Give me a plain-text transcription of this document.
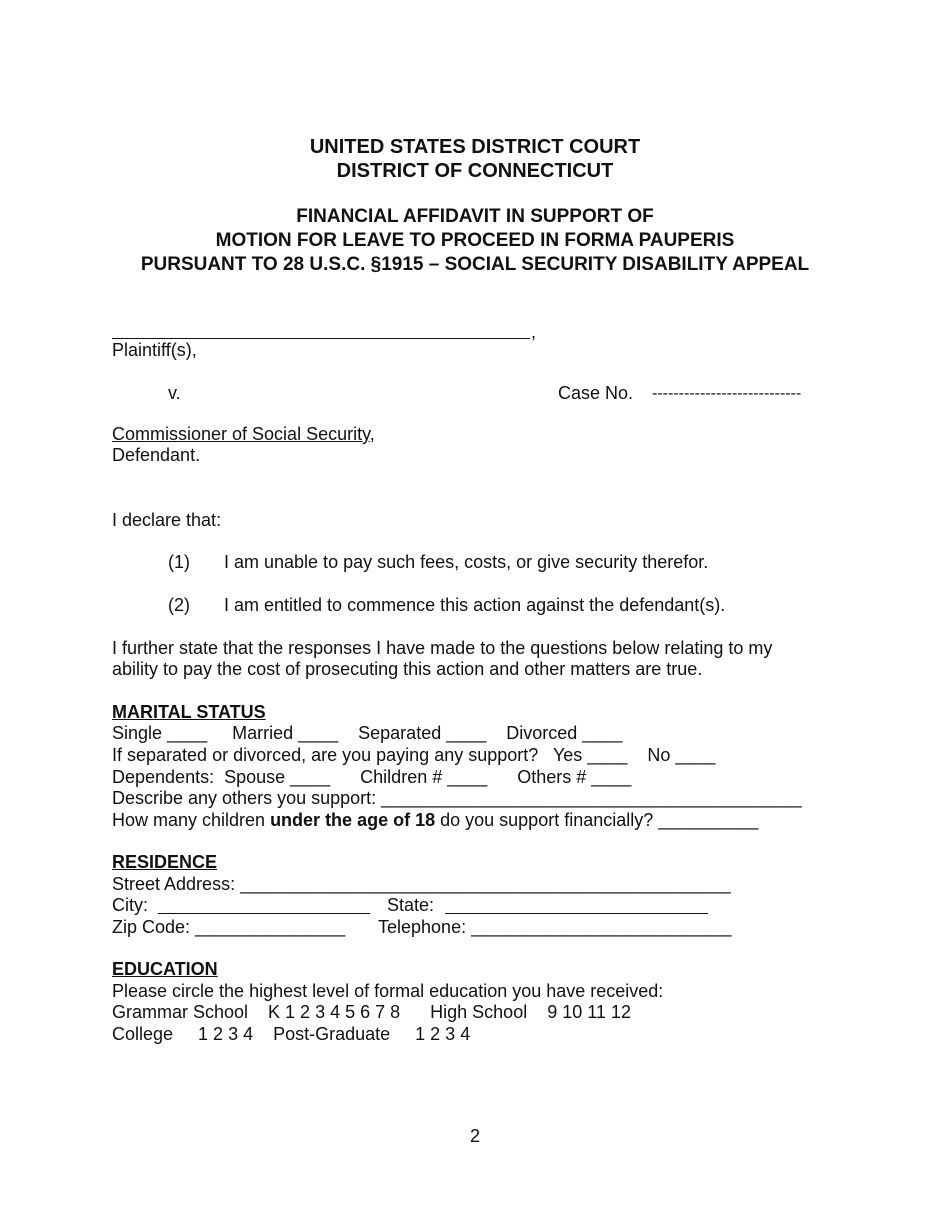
UNITED STATES DISTRICT COURT
DISTRICT OF CONNECTICUT
FINANCIAL AFFIDAVIT IN SUPPORT OF
MOTION FOR LEAVE TO PROCEED IN FORMA PAUPERIS
PURSUANT TO 28 U.S.C. §1915 – SOCIAL SECURITY DISABILITY APPEAL
,
Plaintiff(s),
v.	Case No. ----------------------------
Commissioner of Social Security,
Defendant.
I declare that:
(1) I am unable to pay such fees, costs, or give security therefor.
(2) I am entitled to commence this action against the defendant(s).
I further state that the responses I have made to the questions below relating to my
ability to pay the cost of prosecuting this action and other matters are true.
MARITAL STATUS
Single ____     Married ____    Separated ____    Divorced ____
If separated or divorced, are you paying any support?   Yes ____    No ____
Dependents:  Spouse ____      Children # ____      Others # ____
Describe any others you support: __________________________________________
How many children under the age of 18 do you support financially? __________
RESIDENCE
Street Address: _________________________________________________
City:	State:
Zip Code: _______________ Telephone: __________________________
EDUCATION
Please circle the highest level of formal education you have received:
Grammar School    K 1 2 3 4 5 6 7 8      High School    9 10 11 12
College     1 2 3 4    Post-Graduate     1 2 3 4
2
